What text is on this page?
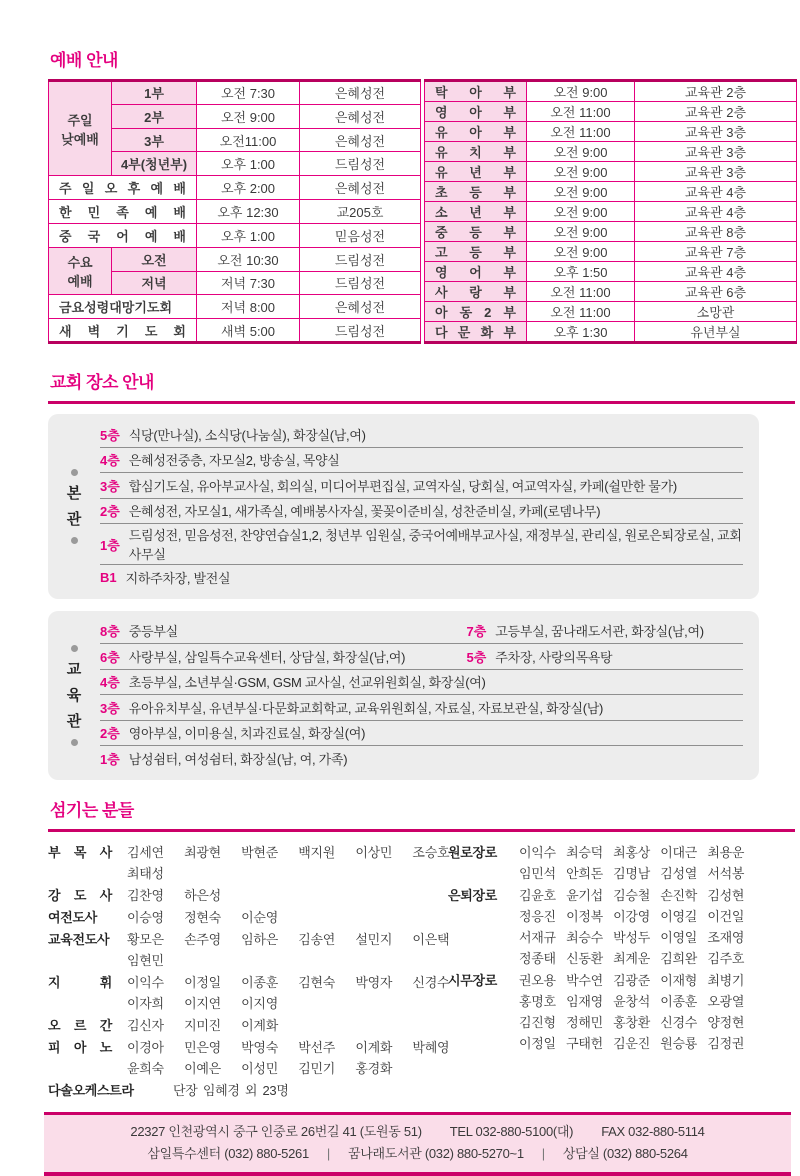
예배 안내
주일
낮예배	1부	오전 7:30	은혜성전
	2부	오전 9:00	은혜성전
	3부	오전11:00	은혜성전
	4부(청년부)	오후 1:00	드림성전
주 일 오 후 예 배		오후 2:00	은혜성전
한 민 족 예 배		오후 12:30	교205호
중 국 어 예 배		오후 1:00	믿음성전

수요
예배	오전	오전 10:30	드림성전
	저녁	저녁 7:30	드림성전
금요성령대망기도회		저녁 8:00	은혜성전
새 벽 기 도 회		새벽 5:00	드림성전
탁 아 부	오전 9:00	교육관 2층
영 아 부	오전 11:00	교육관 2층
유 아 부	오전 11:00	교육관 3층
유 치 부	오전 9:00	교육관 3층
유 년 부	오전 9:00	교육관 3층
초 등 부	오전 9:00	교육관 4층
소 년 부	오전 9:00	교육관 4층
중 등 부	오전 9:00	교육관 8층
고 등 부	오전 9:00	교육관 7층
영 어 부	오후 1:50	교육관 4층
사 랑 부	오전 11:00	교육관 6층
아 동 2 부	오전 11:00	소망관
다 문 화 부	오후 1:30	유년부실
교회 장소 안내
본
관
5층 식당(만나실), 소식당(나눔실), 화장실(남,여)
4층 은혜성전중층, 자모실2, 방송실, 목양실
3층 합심기도실, 유아부교사실, 회의실, 미디어부편집실, 교역자실, 당회실, 여교역자실, 카페(쉴만한 물가)
2층 은혜성전, 자모실1, 새가족실, 예배봉사자실, 꽃꽂이준비실, 성찬준비실, 카페(로뎀나무)
1층
드림성전, 믿음성전, 찬양연습실1,2, 청년부 임원실, 중국어예배부교사실, 재정부실, 관리실, 원로은퇴장로실, 교회사무실
B1 지하주차장, 발전실
교
육
관
8층 중등부실	7층 고등부실, 꿈나래도서관, 화장실(남,여)
6층 사랑부실, 삼일특수교육센터, 상담실, 화장실(남,여)	5층 주차장, 사랑의목욕탕
4층 초등부실, 소년부실·GSM, GSM 교사실, 선교위원회실, 화장실(여)
3층 유아유치부실, 유년부실·다문화교회학교, 교육위원회실, 자료실, 자료보관실, 화장실(남)
2층 영아부실, 이미용실, 치과진료실, 화장실(여)
1층 남성쉼터, 여성쉼터, 화장실(남, 여, 가족)
섬기는 분들
부 목 사 김세연 최광현 박현준 백지원 이상민 조승호
최태성
강 도 사 김찬영 하은성
여전도사	이승영 정현숙 이순영
교육전도사 황모은 손주영 임하은 김송연 설민지 이은택
임현민
지 휘 이익수 이정일 이종훈 김현숙 박영자 신경수
이자희 이지연 이지영
오 르 간 김신자 지미진 이계화
피 아 노 이경아 민은영 박영숙 박선주 이계화 박혜영
윤희숙 이예은 이성민 김민기 홍경화
다솔오케스트라	단장 임혜경 외 23명
원로장로	이익수 최승덕 최홍상 이대근 최용운
임민석 안희돈 김명남 김성열 서석봉
은퇴장로	김윤호 윤기섭 김승철 손진학 김성현
정응진 이정복 이강영 이영길 이건일
서재규 최승수 박성두 이영일 조재영
정종태 신동환 최계운 김희완 김주호
시무장로	권오용 박수연 김광준 이재형 최병기
홍명호 임재영 윤창석 이종훈 오광열
김진형 정해민 홍창환 신경수 양정현
이정일 구태헌 김운진 원승룡 김정권
22327 인천광역시 중구 인중로 26번길 41 (도원동 51) TEL 032-880-5100(대) FAX 032-880-5114
삼일특수센터 (032) 880-5261 | 꿈나래도서관 (032) 880-5270~1 | 상담실 (032) 880-5264
